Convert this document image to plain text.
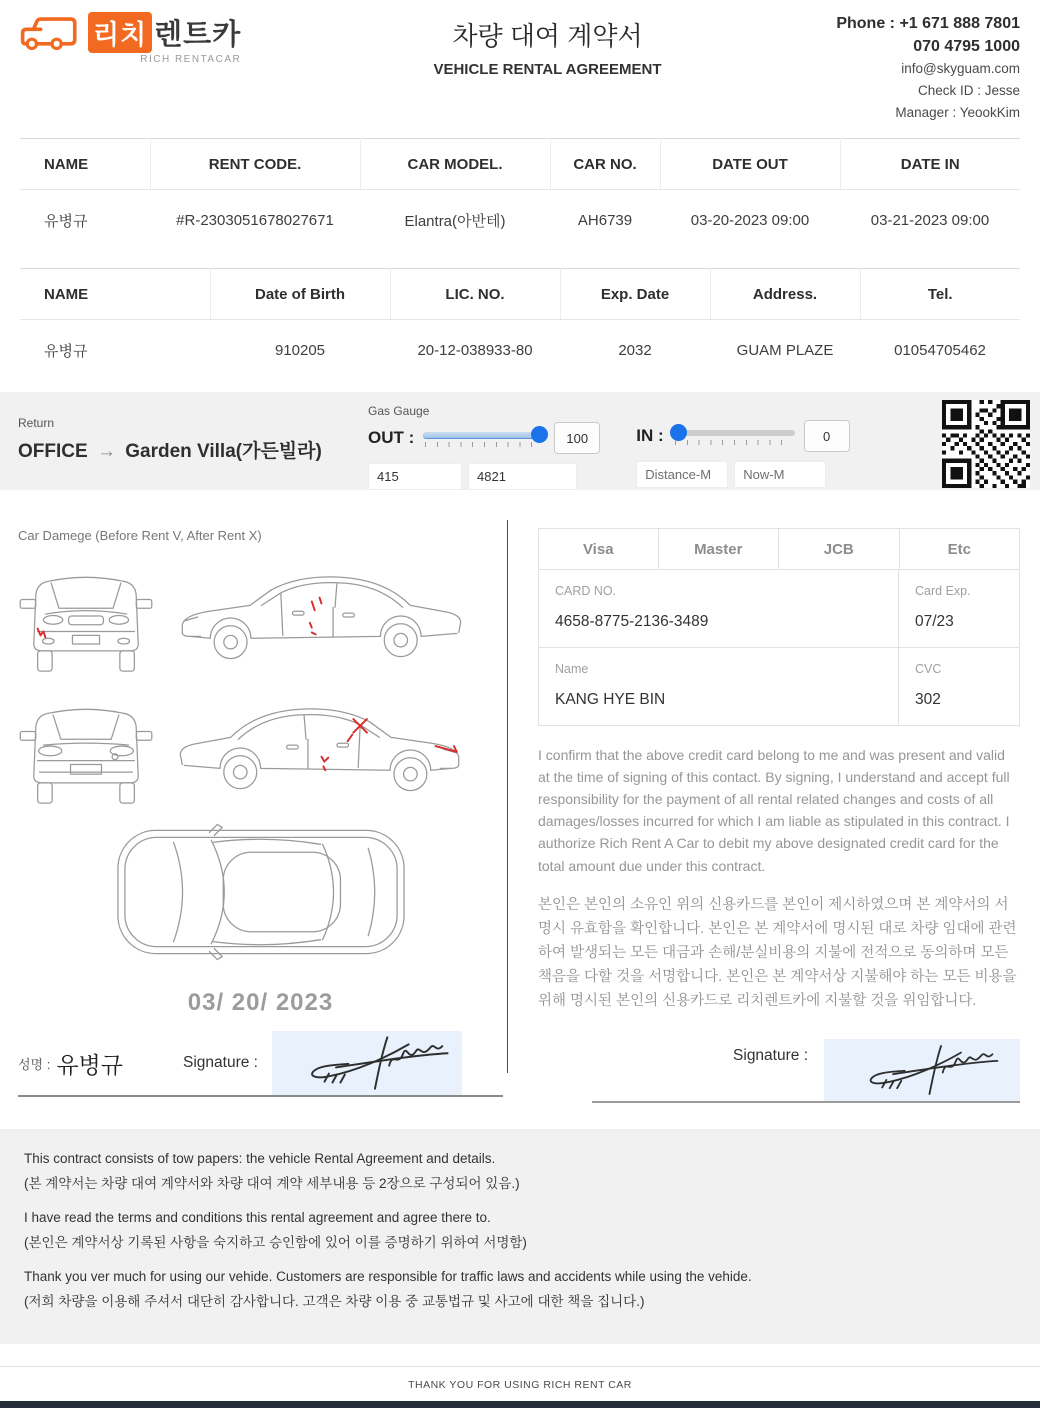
리치 렌트카
RICH RENTACAR
차량 대여 계약서
VEHICLE RENTAL AGREEMENT
Phone : +1 671 888 7801
070 4795 1000
info@skyguam.com
Check ID : Jesse
Manager : YeookKim
NAME	RENT CODE.	CAR MODEL.	CAR NO.	DATE OUT	DATE IN
유병규	#R-2303051678027671	Elantra(아반테)	AH6739	03-20-2023 09:00	03-21-2023 09:00
NAME	Date of Birth	LIC. NO.	Exp. Date	Address.	Tel.
유병규	910205	20-12-038933-80	2032	GUAM PLAZE	01054705462
Return
OFFICE → Garden Villa(가든빌라)
Gas Gauge
OUT :
100
415
4821	IN :
0
Distance-M
Now-M
Car Damege (Before Rent V, After Rent X)
03/ 20/ 2023
성명 : 유병규	Signature :
Visa	Master	JCB	Etc
CARD NO.
4658-8775-2136-3489
Card Exp.
07/23
Name
KANG HYE BIN
CVC
302

I confirm that the above credit card belong to me and was present and valid at the time of signing of this contact. By signing, I understand and accept full responsibility for the payment of all rental related changes and costs of all damages/losses incurred for which I am liable as stipulated in this contract. I authorize Rich Rent A Car to debit my above designated credit card for the total amount due under this contract.

본인은 본인의 소유인 위의 신용카드를 본인이 제시하였으며 본 계약서의 서명시 유효함을 확인합니다. 본인은 본 계약서에 명시된 대로 차량 임대에 관련하여 발생되는 모든 대금과 손해/분실비용의 지불에 전적으로 동의하며 모든 책음을 다할 것을 서명합니다. 본인은 본 계약서상 지불해야 하는 모든 비용을 위해 명시된 본인의 신용카드로 리치렌트카에 지불할 것을 위임합니다.

Signature :

This contract consists of tow papers: the vehicle Rental Agreement and details.

(본 계약서는 차량 대여 계약서와 차량 대여 계약 세부내용 등 2장으로 구성되어 있음.)

I have read the terms and conditions this rental agreement and agree there to.

(본인은 계약서상 기록된 사항을 숙지하고 승인함에 있어 이를 증명하기 위하여 서명함)

Thank you ver much for using our vehide. Customers are responsible for traffic laws and accidents while using the vehide.

(저희 차량을 이용해 주셔서 대단히 감사합니다. 고객은 차량 이용 중 교통법규 및 사고에 대한 책을 집니다.)

THANK YOU FOR USING RICH RENT CAR
